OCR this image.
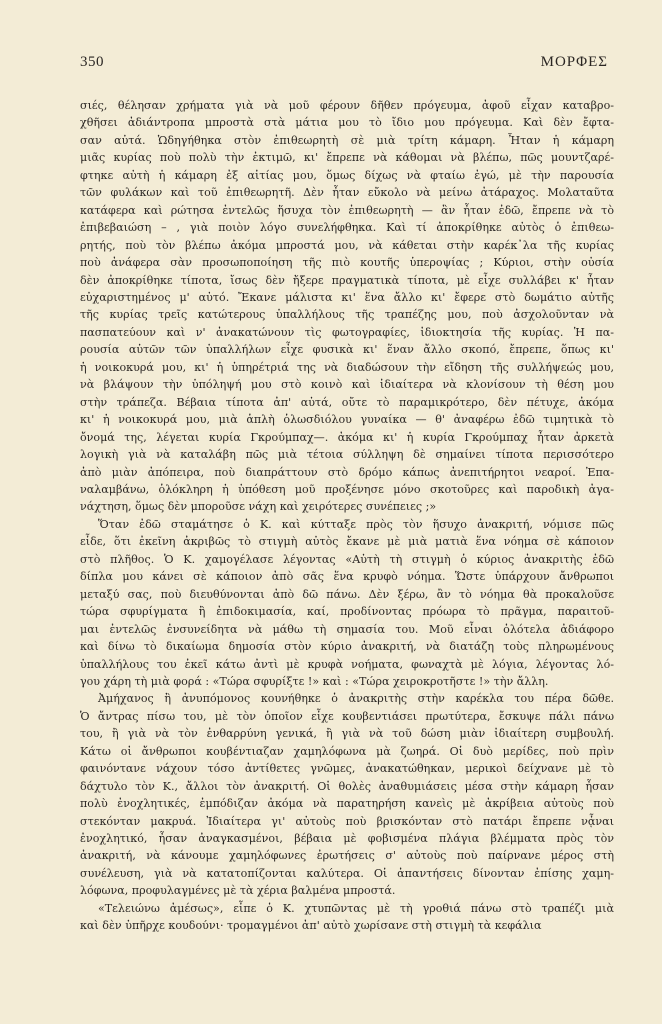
350	ΜΟΡΦΕΣ
σιές, θέλησαν χρήματα γιὰ νὰ μοῦ φέρουν δῆθεν πρόγευμα, ἀφοῦ εἶχαν καταβρο-
χθῆσει ἀδιάντροπα μπροστὰ στὰ μάτια μου τὸ ἴδιο μου πρόγευμα. Καὶ δὲν ἔφτα-
σαν αὐτά. Ὡδηγήθηκα στὸν ἐπιθεωρητὴ σὲ μιὰ τρίτη κάμαρη. Ἦταν ἡ κάμαρη
μιᾶς κυρίας ποὺ πολὺ τὴν ἐκτιμῶ, κι' ἔπρεπε νὰ κάθομαι νὰ βλέπω, πῶς μουντζαρέ-
φτηκε αὐτὴ ἡ κάμαρη ἐξ αἰτίας μου, ὅμως δίχως νὰ φταίω ἐγώ, μὲ τὴν παρουσία
τῶν φυλάκων καὶ τοῦ ἐπιθεωρητῆ. Δὲν ἦταν εὔκολο νὰ μείνω ἀτάραχος. Μολαταῦτα
κατάφερα καὶ ρώτησα ἐντελῶς ἥσυχα τὸν ἐπιθεωρητὴ — ἂν ἦταν ἐδῶ, ἔπρεπε νὰ τὸ
ἐπιβεβαιώση – , γιὰ ποιὸν λόγο συνελήφθηκα. Καὶ τί ἀποκρίθηκε αὐτὸς ὁ ἐπιθεω-
ρητής, ποὺ τὸν βλέπω ἀκόμα μπροστά μου, νὰ κάθεται στὴν καρέκ᾽λα τῆς κυρίας
ποὺ ἀνάφερα σὰν προσωποποίηση τῆς πιὸ κουτῆς ὑπεροψίας ; Κύριοι, στὴν οὐσία
δὲν ἀποκρίθηκε τίποτα, ἴσως δὲν ἤξερε πραγματικὰ τίποτα, μὲ εἶχε συλλάβει κ' ἦταν
εὐχαριστημένος μ' αὐτό. Ἔκανε μάλιστα κι' ἕνα ἄλλο κι' ἔφερε στὸ δωμάτιο αὐτῆς
τῆς κυρίας τρεῖς κατώτερους ὑπαλλήλους τῆς τραπέζης μου, ποὺ ἀσχολοῦνταν νὰ
πασπατεύουν καὶ ν' ἀνακατώνουν τὶς φωτογραφίες, ἰδιοκτησία τῆς κυρίας. Ἡ πα-
ρουσία αὐτῶν τῶν ὑπαλλήλων εἶχε φυσικὰ κι' ἕναν ἄλλο σκοπό, ἔπρεπε, ὅπως κι'
ἡ νοικοκυρά μου, κι' ἡ ὑπηρέτριά της νὰ διαδώσουν τὴν εἴδηση τῆς συλλήψεώς μου,
νὰ βλάψουν τὴν ὑπόληψή μου στὸ κοινὸ καὶ ἰδιαίτερα νὰ κλονίσουν τὴ θέση μου
στὴν τράπεζα. Βέβαια τίποτα ἀπ' αὐτά, οὔτε τὸ παραμικρότερο, δὲν πέτυχε, ἀκόμα
κι' ἡ νοικοκυρά μου, μιὰ ἁπλὴ ὁλωσδιόλου γυναίκα — θ' ἀναφέρω ἐδῶ τιμητικὰ τὸ
ὄνομά της, λέγεται κυρία Γκρούμπαχ—. ἀκόμα κι' ἡ κυρία Γκρούμπαχ ἦταν ἀρκετὰ
λογικὴ γιὰ νὰ καταλάβη πῶς μιὰ τέτοια σύλληψη δὲ σημαίνει τίποτα περισσότερο
ἀπὸ μιὰν ἀπόπειρα, ποὺ διαπράττουν στὸ δρόμο κάπως ἀνεπιτήρητοι νεαροί. Ἐπα-
ναλαμβάνω, ὁλόκληρη ἡ ὑπόθεση μοῦ προξένησε μόνο σκοτοῦρες καὶ παροδικὴ ἀγα-
νάχτηση, ὅμως δὲν μποροῦσε νάχη καὶ χειρότερες συνέπειες ;»
Ὅταν ἐδῶ σταμάτησε ὁ Κ. καὶ κύτταξε πρὸς τὸν ἥσυχο ἀνακριτή, νόμισε πῶς
εἶδε, ὅτι ἐκεῖνη ἀκριβῶς τὸ στιγμὴ αὐτὸς ἔκανε μὲ μιὰ ματιὰ ἕνα νόημα σὲ κάποιον
στὸ πλῆθος. Ὁ Κ. χαμογέλασε λέγοντας «Αὐτὴ τὴ στιγμὴ ὁ κύριος ἀνακριτὴς ἐδῶ
δίπλα μου κάνει σὲ κάποιον ἀπὸ σᾶς ἕνα κρυφὸ νόημα. Ὥστε ὑπάρχουν ἄνθρωποι
μεταξύ σας, ποὺ διευθύνονται ἀπὸ δῶ πάνω. Δὲν ξέρω, ἂν τὸ νόημα θὰ προκαλοῦσε
τώρα σφυρίγματα ἢ ἐπιδοκιμασία, καί, προδίνοντας πρόωρα τὸ πρᾶγμα, παραιτοῦ-
μαι ἐντελῶς ἐνσυνείδητα νὰ μάθω τὴ σημασία του. Μοῦ εἶναι ὁλότελα ἀδιάφορο
καὶ δίνω τὸ δικαίωμα δημοσία στὸν κύριο ἀνακριτή, νὰ διατάζη τοὺς πληρωμένους
ὑπαλλήλους του ἐκεῖ κάτω ἀντὶ μὲ κρυφὰ νοήματα, φωναχτὰ μὲ λόγια, λέγοντας λό-
γου χάρη τὴ μιὰ φορά : «Τώρα σφυρίξτε !» καὶ : «Τώρα χειροκροτῆστε !» τὴν ἄλλη.
Ἀμήχανος ἢ ἀνυπόμονος κουνήθηκε ὁ ἀνακριτὴς στὴν καρέκλα του πέρα δῶθε.
Ὁ ἄντρας πίσω του, μὲ τὸν ὁποῖον εἶχε κουβεντιάσει πρωτύτερα, ἔσκυψε πάλι πάνω
του, ἢ γιὰ νὰ τὸν ἐνθαρρύνη γενικά, ἢ γιὰ νὰ τοῦ δώση μιὰν ἰδιαίτερη συμβουλή.
Κάτω οἱ ἄνθρωποι κουβέντιαζαν χαμηλόφωνα μὰ ζωηρά. Οἱ δυὸ μερίδες, ποὺ πρὶν
φαινόντανε νάχουν τόσο ἀντίθετες γνῶμες, ἀνακατώθηκαν, μερικοὶ δείχνανε μὲ τὸ
δάχτυλο τὸν Κ., ἄλλοι τὸν ἀνακριτή. Οἱ θολὲς ἀναθυμιάσεις μέσα στὴν κάμαρη ἦσαν
πολὺ ἐνοχλητικές, ἐμπόδιζαν ἀκόμα νὰ παρατηρήση κανεὶς μὲ ἀκρίβεια αὐτοὺς ποὺ
στεκόνταν μακρυά. Ἰδιαίτερα γι' αὐτοὺς ποὺ βρισκόνταν στὸ πατάρι ἔπρεπε νᾆναι
ἐνοχλητικό, ἦσαν ἀναγκασμένοι, βέβαια μὲ φοβισμένα πλάγια βλέμματα πρὸς τὸν
ἀνακριτή, νὰ κάνουμε χαμηλόφωνες ἐρωτήσεις σ' αὐτοὺς ποὺ παίρνανε μέρος στὴ
συνέλευση, γιὰ νὰ κατατοπίζονται καλύτερα. Οἱ ἀπαντήσεις δίνονταν ἐπίσης χαμη-
λόφωνα, προφυλαγμένες μὲ τὰ χέρια βαλμένα μπροστά.
«Τελειώνω ἀμέσως», εἶπε ὁ Κ. χτυπῶντας μὲ τὴ γροθιά πάνω στὸ τραπέζι μιὰ
καὶ δὲν ὑπῆρχε κουδούνι· τρομαγμένοι ἀπ' αὐτὸ χωρίσανε στὴ στιγμὴ τὰ κεφάλια
